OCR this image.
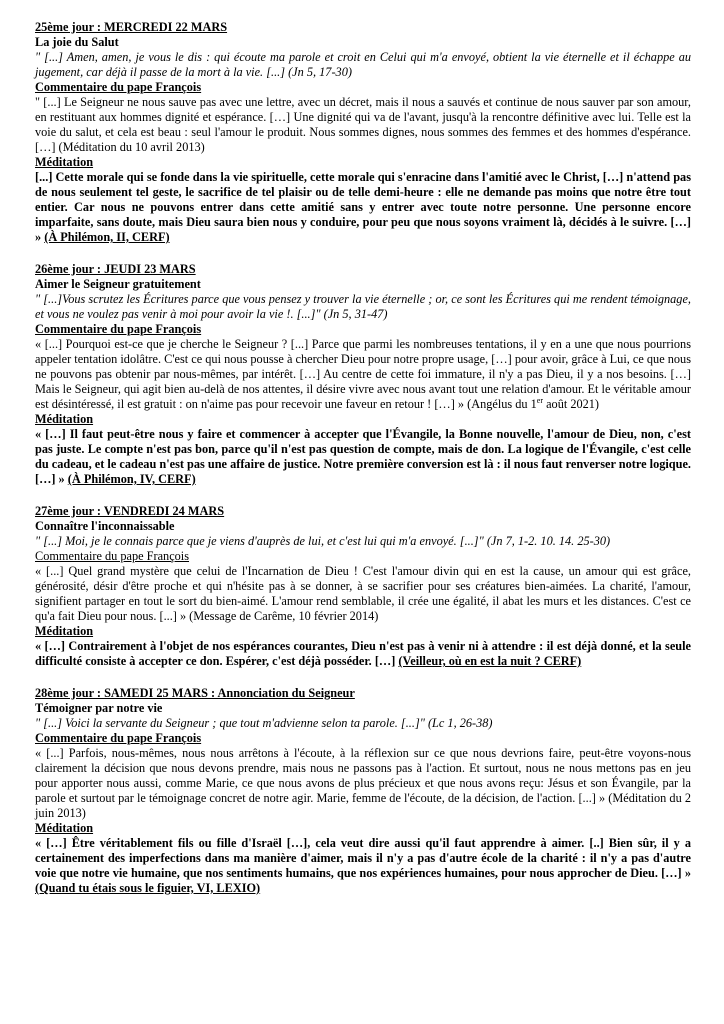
25ème jour : MERCREDI 22 MARS
La joie du Salut
" [...] Amen, amen, je vous le dis : qui écoute ma parole et croit en Celui qui m'a envoyé, obtient la vie éternelle et il échappe au jugement, car déjà il passe de la mort à la vie. [...] (Jn 5, 17-30)
Commentaire du pape François
" [...] Le Seigneur ne nous sauve pas avec une lettre, avec un décret, mais il nous a sauvés et continue de nous sauver par son amour, en restituant aux hommes dignité et espérance. […] Une dignité qui va de l'avant, jusqu'à la rencontre définitive avec lui. Telle est la voie du salut, et cela est beau : seul l'amour le produit. Nous sommes dignes, nous sommes des femmes et des hommes d'espérance. […] (Méditation du 10 avril 2013)
Méditation
[...] Cette morale qui se fonde dans la vie spirituelle, cette morale qui s'enracine dans l'amitié avec le Christ, […] n'attend pas de nous seulement tel geste, le sacrifice de tel plaisir ou de telle demi-heure : elle ne demande pas moins que notre être tout entier. Car nous ne pouvons entrer dans cette amitié sans y entrer avec toute notre personne. Une personne encore imparfaite, sans doute, mais Dieu saura bien nous y conduire, pour peu que nous soyons vraiment là, décidés à le suivre. […] » (À Philémon, II, CERF)
26ème jour : JEUDI 23 MARS
Aimer le Seigneur gratuitement
" [...]Vous scrutez les Écritures parce que vous pensez y trouver la vie éternelle ; or, ce sont les Écritures qui me rendent témoignage, et vous ne voulez pas venir à moi pour avoir la vie !. [...]" (Jn 5, 31-47)
Commentaire du pape François
« [...] Pourquoi est-ce que je cherche le Seigneur ? [...] Parce que parmi les nombreuses tentations, il y en a une que nous pourrions appeler tentation idolâtre. C'est ce qui nous pousse à chercher Dieu pour notre propre usage, […] pour avoir, grâce à Lui, ce que nous ne pouvons pas obtenir par nous-mêmes, par intérêt. […] Au centre de cette foi immature, il n'y a pas Dieu, il y a nos besoins. […] Mais le Seigneur, qui agit bien au-delà de nos attentes, il désire vivre avec nous avant tout une relation d'amour. Et le véritable amour est désintéressé, il est gratuit : on n'aime pas pour recevoir une faveur en retour ! […] » (Angélus du 1er août 2021)
Méditation
« […] Il faut peut-être nous y faire et commencer à accepter que l'Évangile, la Bonne nouvelle, l'amour de Dieu, non, c'est pas juste. Le compte n'est pas bon, parce qu'il n'est pas question de compte, mais de don. La logique de l'Évangile, c'est celle du cadeau, et le cadeau n'est pas une affaire de justice. Notre première conversion est là : il nous faut renverser notre logique. […] » (À Philémon, IV, CERF)
27ème jour : VENDREDI 24 MARS
Connaître l'inconnaissable
" [...] Moi, je le connais parce que je viens d'auprès de lui, et c'est lui qui m'a envoyé. [...]" (Jn 7, 1-2. 10. 14. 25-30)
Commentaire du pape François
« [...] Quel grand mystère que celui de l'Incarnation de Dieu ! C'est l'amour divin qui en est la cause, un amour qui est grâce, générosité, désir d'être proche et qui n'hésite pas à se donner, à se sacrifier pour ses créatures bien-aimées. La charité, l'amour, signifient partager en tout le sort du bien-aimé. L'amour rend semblable, il crée une égalité, il abat les murs et les distances. C'est ce qu'a fait Dieu pour nous. [...] » (Message de Carême, 10 février 2014)
Méditation
« […] Contrairement à l'objet de nos espérances courantes, Dieu n'est pas à venir ni à attendre : il est déjà donné, et la seule difficulté consiste à accepter ce don. Espérer, c'est déjà posséder. […] (Veilleur, où en est la nuit ? CERF)
28ème jour : SAMEDI 25 MARS : Annonciation du Seigneur
Témoigner par notre vie
" [...] Voici la servante du Seigneur ; que tout m'advienne selon ta parole. [...]" (Lc 1, 26-38)
Commentaire du pape François
« [...] Parfois, nous-mêmes, nous nous arrêtons à l'écoute, à la réflexion sur ce que nous devrions faire, peut-être voyons-nous clairement la décision que nous devons prendre, mais nous ne passons pas à l'action. Et surtout, nous ne nous mettons pas en jeu pour apporter nous aussi, comme Marie, ce que nous avons de plus précieux et que nous avons reçu: Jésus et son Évangile, par la parole et surtout par le témoignage concret de notre agir. Marie, femme de l'écoute, de la décision, de l'action. [...] » (Méditation du 2 juin 2013)
Méditation
« […] Être véritablement fils ou fille d'Israël […], cela veut dire aussi qu'il faut apprendre à aimer. [..] Bien sûr, il y a certainement des imperfections dans ma manière d'aimer, mais il n'y a pas d'autre école de la charité : il n'y a pas d'autre voie que notre vie humaine, que nos sentiments humains, que nos expériences humaines, pour nous approcher de Dieu. […] » (Quand tu étais sous le figuier, VI, LEXIO)
